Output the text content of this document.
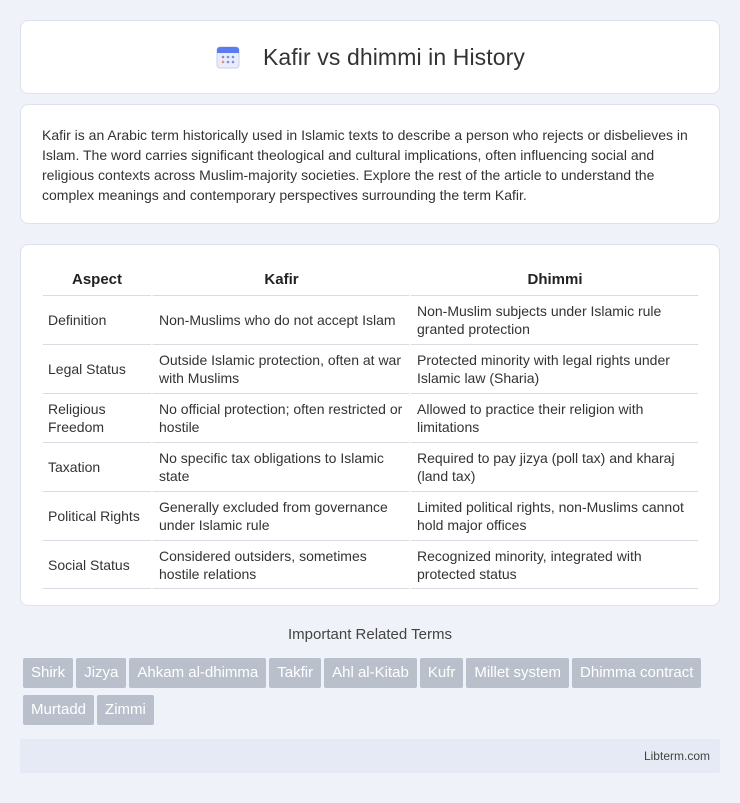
Kafir vs dhimmi in History

Kafir is an Arabic term historically used in Islamic texts to describe a person who rejects or disbelieves in Islam. The word carries significant theological and cultural implications, often influencing social and religious contexts across Muslim-majority societies. Explore the rest of the article to understand the complex meanings and contemporary perspectives surrounding the term Kafir.

Aspect	Kafir	Dhimmi
Definition	Non-Muslims who do not accept Islam	Non-Muslim subjects under Islamic rule granted protection
Legal Status	Outside Islamic protection, often at war with Muslims	Protected minority with legal rights under Islamic law (Sharia)
Religious Freedom	No official protection; often restricted or hostile	Allowed to practice their religion with limitations
Taxation	No specific tax obligations to Islamic state	Required to pay jizya (poll tax) and kharaj (land tax)
Political Rights	Generally excluded from governance under Islamic rule	Limited political rights, non-Muslims cannot hold major offices
Social Status	Considered outsiders, sometimes hostile relations	Recognized minority, integrated with protected status
Important Related Terms
Shirk	Jizya	Ahkam al-dhimma	Takfir	Ahl al-Kitab	Kufr	Millet system	Dhimma contract
Murtadd	Zimmi
Libterm.com
